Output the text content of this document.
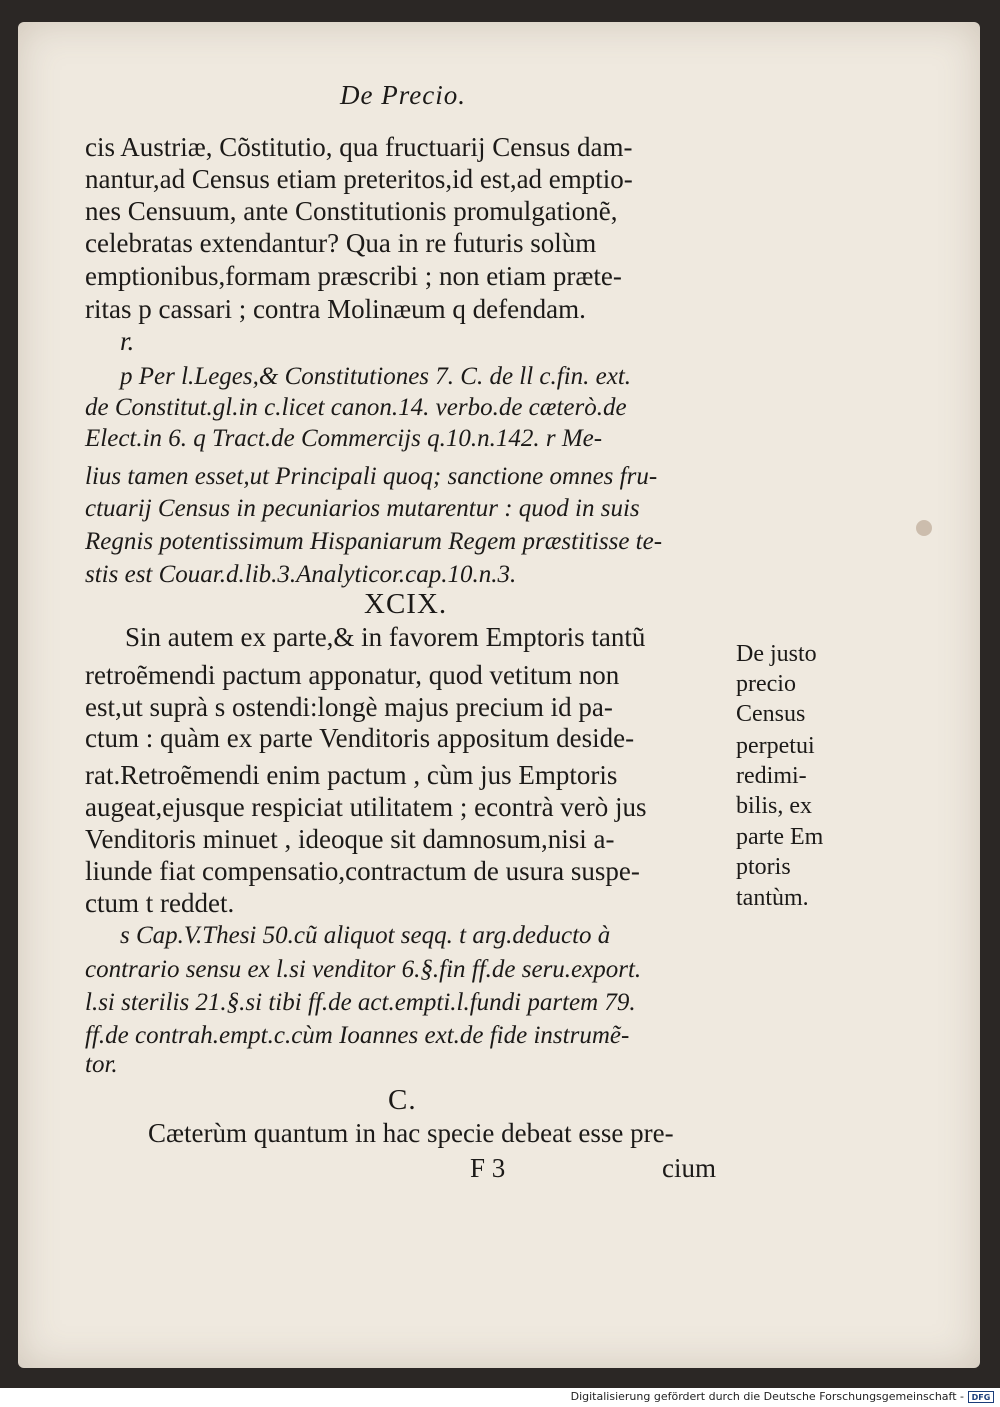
De Precio.

cis Austriæ, Cõstitutio, qua fructuarij Census dam-

nantur,ad Census etiam preteritos,id est,ad emptio-

nes Censuum, ante Constitutionis promulgationẽ,

celebratas extendantur? Qua in re futuris solùm

emptionibus,formam præscribi ; non etiam præte-

ritas p cassari ; contra Molinæum q defendam.

r.

p Per l.Leges,& Constitutiones 7. C. de ll c.fin. ext.

de Constitut.gl.in c.licet canon.14. verbo.de cæterò.de

Elect.in 6. q Tract.de Commercijs q.10.n.142. r Me-

lius tamen esset,ut Principali quoq; sanctione omnes fru-

ctuarij Census in pecuniarios mutarentur : quod in suis

Regnis potentissimum Hispaniarum Regem præstitisse te-

stis est Couar.d.lib.3.Analyticor.cap.10.n.3.

XCIX.

Sin autem ex parte,& in favorem Emptoris tantũ

retroẽmendi pactum apponatur, quod vetitum non

est,ut suprà s ostendi:longè majus precium id pa-

ctum : quàm ex parte Venditoris appositum deside-

rat.Retroẽmendi enim pactum , cùm jus Emptoris

augeat,ejusque respiciat utilitatem ; econtrà verò jus

Venditoris minuet , ideoque sit damnosum,nisi a-

liunde fiat compensatio,contractum de usura suspe-

ctum t reddet.

De justo

precio

Census

perpetui

redimi-

bilis, ex

parte Em

ptoris

tantùm.

s Cap.V.Thesi 50.cũ aliquot seqq. t arg.deducto à

contrario sensu ex l.si venditor 6.§.fin ff.de seru.export.

l.si sterilis 21.§.si tibi ff.de act.empti.l.fundi partem 79.

ff.de contrah.empt.c.cùm Ioannes ext.de fide instrumẽ-

tor.

C.

Cæterùm quantum in hac specie debeat esse pre-

F 3	cium

Digitalisierung gefördert durch die Deutsche Forschungsgemeinschaft - DFG
